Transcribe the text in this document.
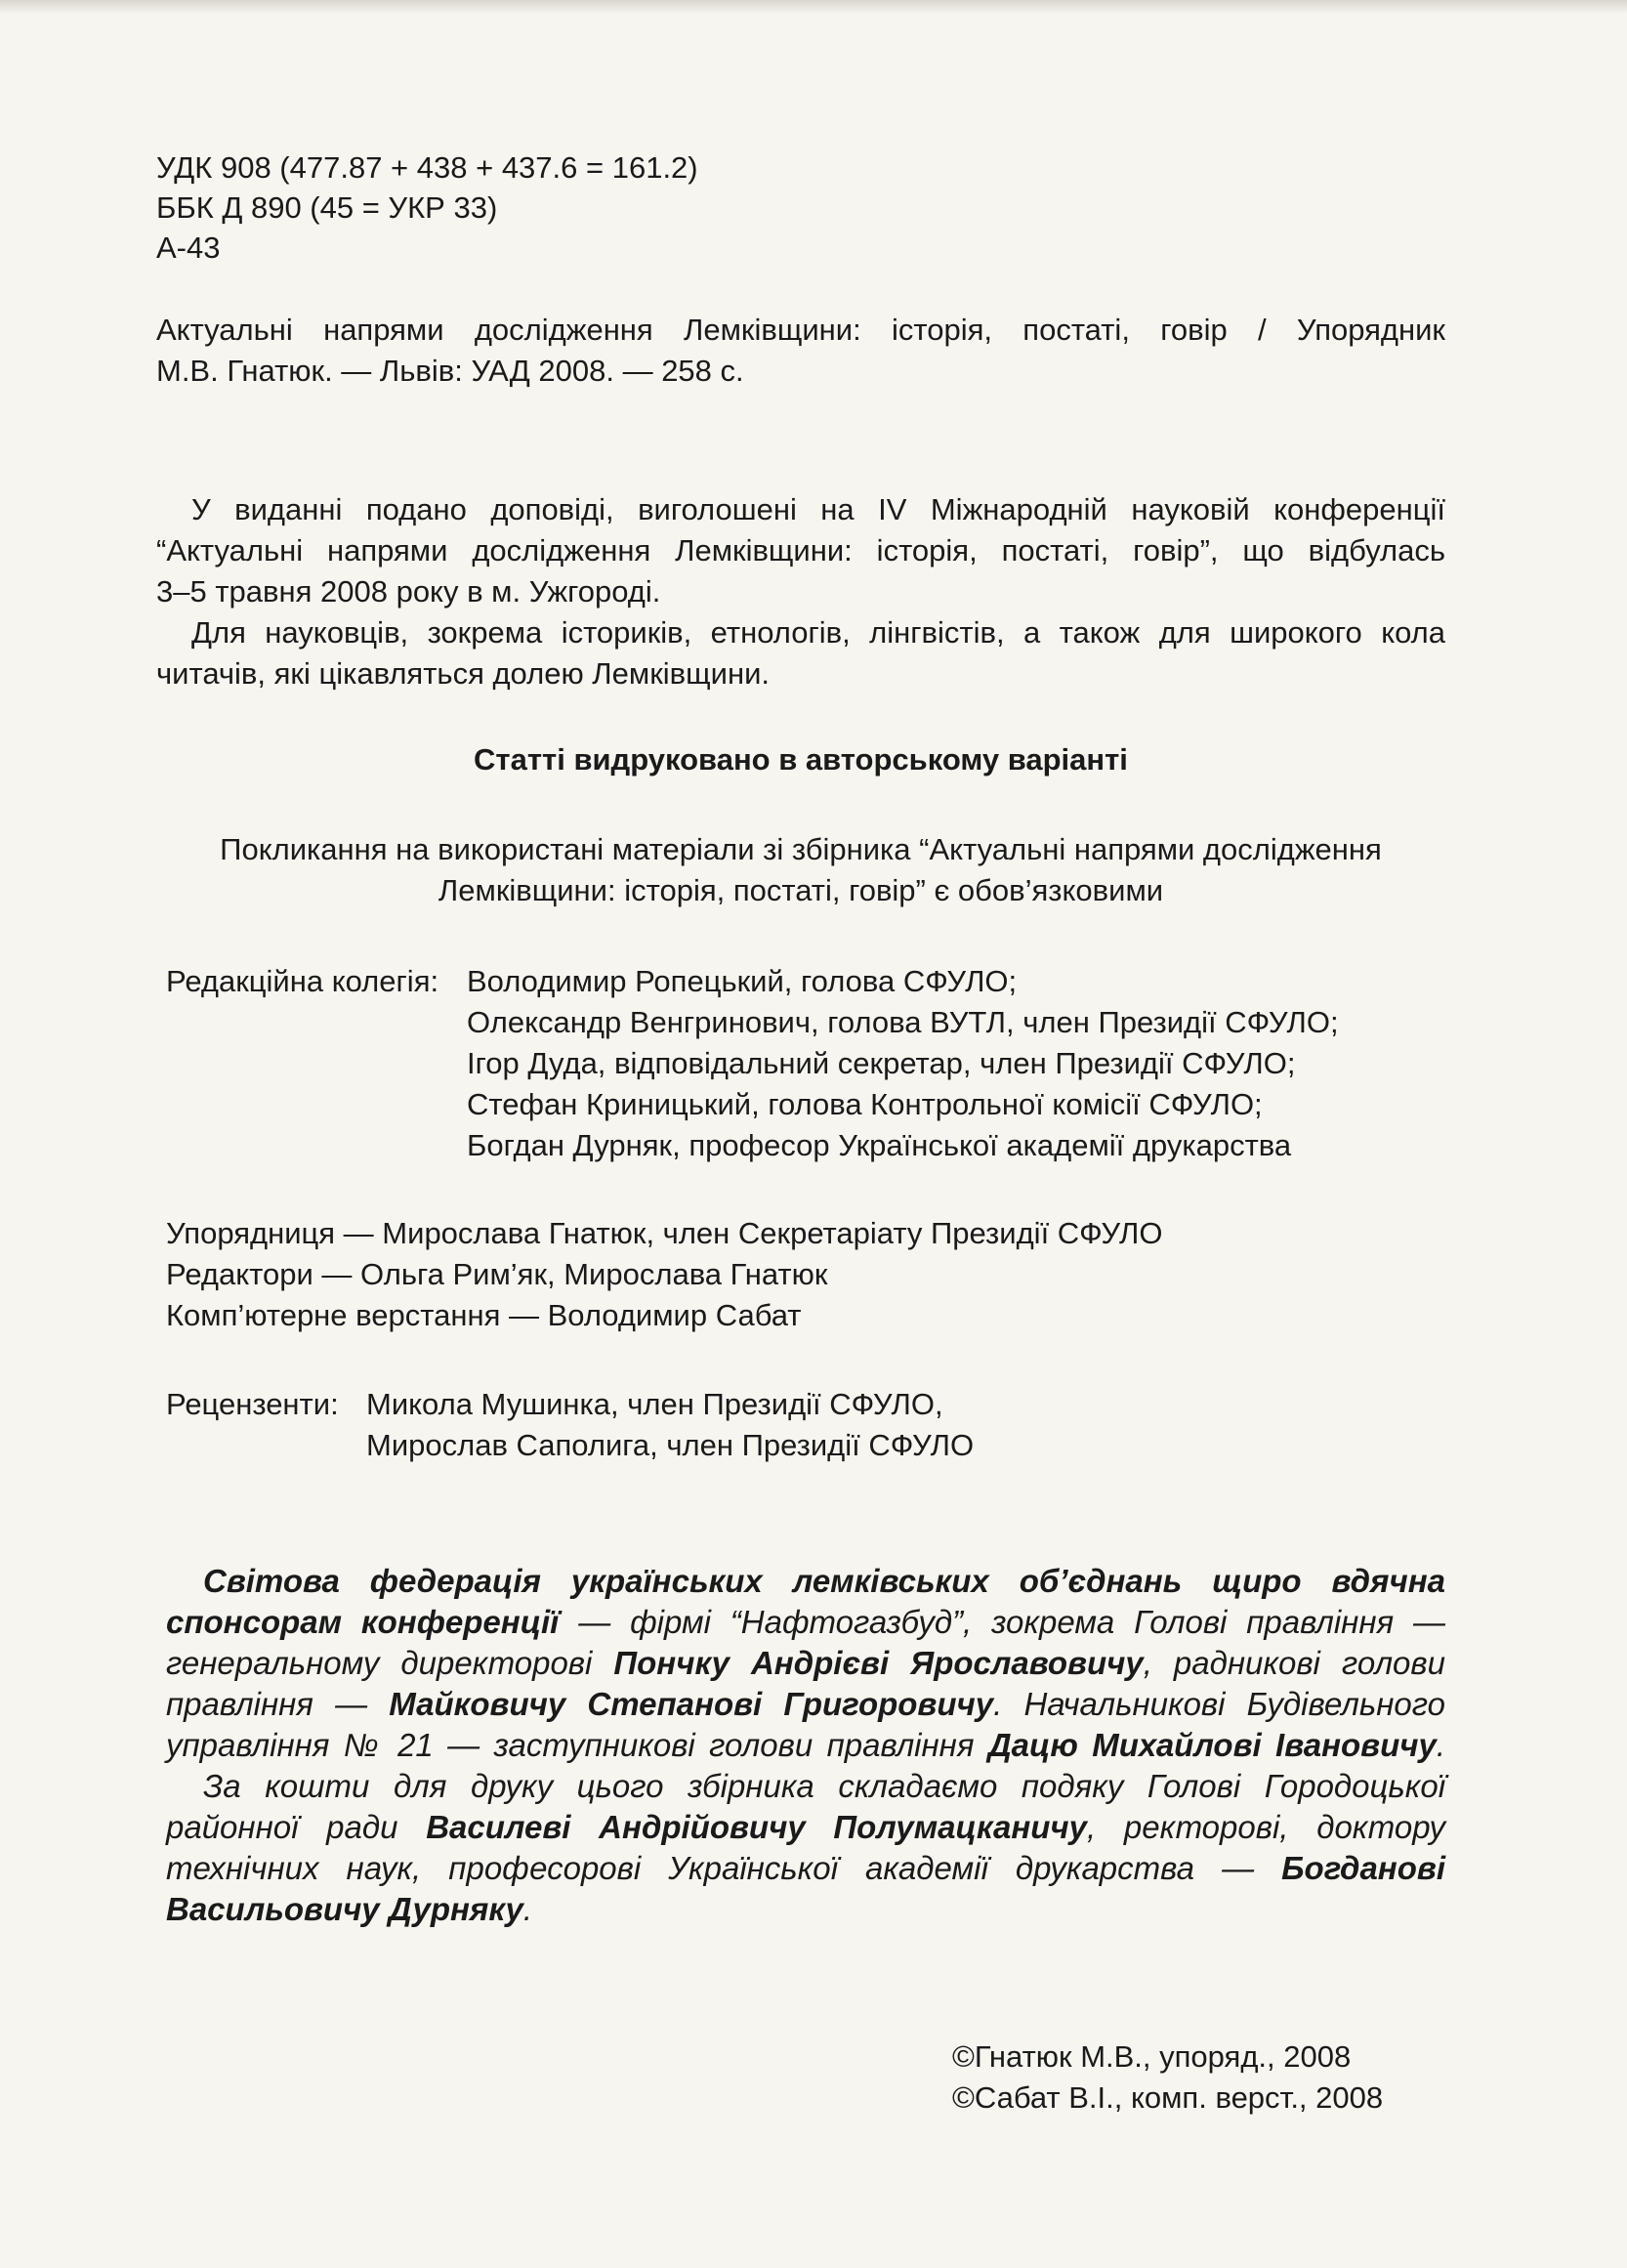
УДК 908 (477.87 + 438 + 437.6 = 161.2)
ББК Д 890 (45 = УКР 33)
А-43
Актуальні напрями дослідження Лемківщини: історія, постаті, говір / Упорядник
М.В. Гнатюк. — Львів: УАД 2008. — 258 с.
У виданні подано доповіді, виголошені на IV Міжнародній науковій конференції
“Актуальні напрями дослідження Лемківщини: історія, постаті, говір”, що відбулась
3–5 травня 2008 року в м. Ужгороді.
Для науковців, зокрема істориків, етнологів, лінгвістів, а також для широкого кола
читачів, які цікавляться долею Лемківщини.
Статті видруковано в авторському варіанті
Покликання на використані матеріали зі збірника “Актуальні напрями дослідження
Лемківщини: історія, постаті, говір” є обов’язковими
Редакційна колегія: Володимир Ропецький, голова СФУЛО;
Олександр Венгринович, голова ВУТЛ, член Президії СФУЛО;
Ігор Дуда, відповідальний секретар, член Президії СФУЛО;
Стефан Криницький, голова Контрольної комісії СФУЛО;
Богдан Дурняк, професор Української академії друкарства
Упорядниця — Мирослава Гнатюк, член Секретаріату Президії СФУЛО
Редактори — Ольга Рим’як, Мирослава Гнатюк
Комп’ютерне верстання — Володимир Сабат
Рецензенти: Микола Мушинка, член Президії СФУЛО,
Мирослав Саполига, член Президії СФУЛО
Світова федерація українських лемківських об’єднань щиро вдячна
спонсорам конференції — фірмі “Нафтогазбуд”, зокрема Голові правління —
генеральному директорові Пончку Андрієві Ярославовичу, радникові голови
правління — Майковичу Степанові Григоровичу. Начальникові Будівельного
управління № 21 — заступникові голови правління Дацю Михайлові Івановичу.
За кошти для друку цього збірника складаємо подяку Голові Городоцької
районної ради Василеві Андрійовичу Полумацканичу, ректорові, доктору
технічних наук, професорові Української академії друкарства — Богданові
Васильовичу Дурняку.
©Гнатюк М.В., упоряд., 2008
©Сабат В.І., комп. верст., 2008
